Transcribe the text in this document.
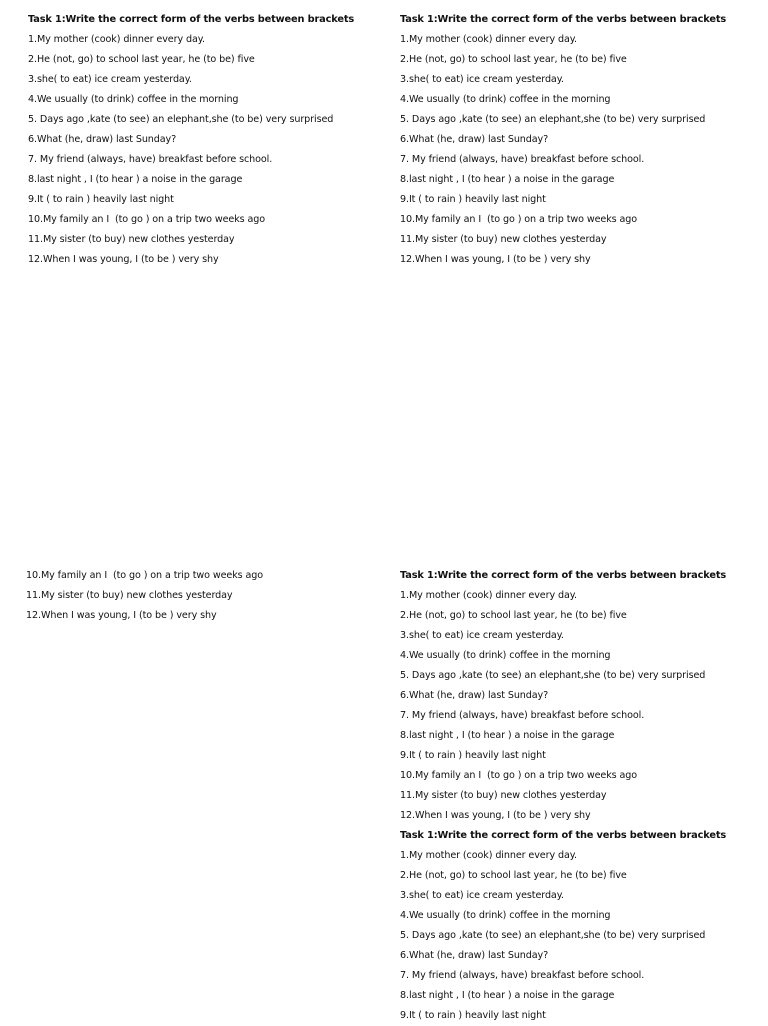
Task 1:Write the correct form of the verbs between brackets
1.My mother (cook) dinner every day.
2.He (not, go) to school last year, he (to be) five
3.she( to eat) ice cream yesterday.
4.We usually (to drink) coffee in the morning
5. Days ago ,kate (to see) an elephant,she (to be) very surprised
6.What (he, draw) last Sunday?
7. My friend (always, have) breakfast before school.
8.last night , I (to hear ) a noise in the garage
9.It ( to rain ) heavily last night
10.My family an I  (to go ) on a trip two weeks ago
11.My sister (to buy) new clothes yesterday
12.When I was young, I (to be ) very shy
Task 1:Write the correct form of the verbs between brackets
1.My mother (cook) dinner every day.
2.He (not, go) to school last year, he (to be) five
3.she( to eat) ice cream yesterday.
4.We usually (to drink) coffee in the morning
5. Days ago ,kate (to see) an elephant,she (to be) very surprised
6.What (he, draw) last Sunday?
7. My friend (always, have) breakfast before school.
8.last night , I (to hear ) a noise in the garage
9.It ( to rain ) heavily last night
10.My family an I  (to go ) on a trip two weeks ago
11.My sister (to buy) new clothes yesterday
12.When I was young, I (to be ) very shy
10.My family an I  (to go ) on a trip two weeks ago
11.My sister (to buy) new clothes yesterday
12.When I was young, I (to be ) very shy
Task 1:Write the correct form of the verbs between brackets
1.My mother (cook) dinner every day.
2.He (not, go) to school last year, he (to be) five
3.she( to eat) ice cream yesterday.
4.We usually (to drink) coffee in the morning
5. Days ago ,kate (to see) an elephant,she (to be) very surprised
6.What (he, draw) last Sunday?
7. My friend (always, have) breakfast before school.
8.last night , I (to hear ) a noise in the garage
9.It ( to rain ) heavily last night
10.My family an I  (to go ) on a trip two weeks ago
11.My sister (to buy) new clothes yesterday
12.When I was young, I (to be ) very shy
Task 1:Write the correct form of the verbs between brackets
1.My mother (cook) dinner every day.
2.He (not, go) to school last year, he (to be) five
3.she( to eat) ice cream yesterday.
4.We usually (to drink) coffee in the morning
5. Days ago ,kate (to see) an elephant,she (to be) very surprised
6.What (he, draw) last Sunday?
7. My friend (always, have) breakfast before school.
8.last night , I (to hear ) a noise in the garage
9.It ( to rain ) heavily last night
